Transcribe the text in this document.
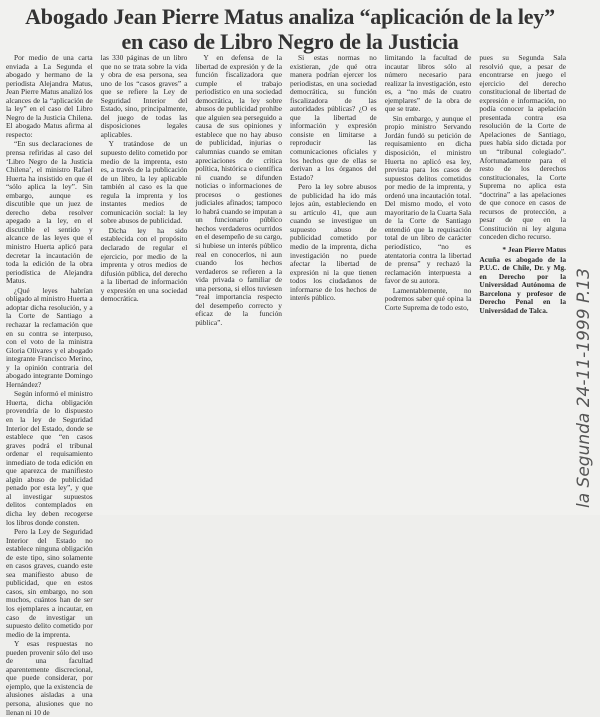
Abogado Jean Pierre Matus analiza “aplicación de la ley”
en caso de Libro Negro de la Justicia

Por medio de una carta enviada a La Segunda el abogado y hermano de la periodista Alejandra Matus, Jean Pierre Matus analizó los alcances de la “aplicación de la ley” en el caso del Libro Negro de la Justicia Chilena. El abogado Matus afirma al respecto:

“En sus declaraciones de prensa refiridas al caso del ‘Libro Negro de la Justicia Chilena’, el ministro Rafael Huerta ha insistido en que él “sólo aplica la ley”. Sin embargo, aunque es discutible que un juez de derecho deba resolver apegado a la ley, en el discutible el sentido y alcance de las leyes que el ministro Huerta aplicó para decretar la incautación de toda la edición de la obra periodística de Alejandra Matus.

¿Qué leyes habrían obligado al ministro Huerta a adoptar dicha resolución, y a la Corte de Santiago a rechazar la reclamación que en su contra se interpuso, con el voto de la ministra Gloria Olivares y el abogado integrante Francisco Merino, y la opinión contraria del abogado integrante Domingo Hernández?

Según informó el ministro Huerta, dicha obligación provendría de lo dispuesto en la ley de Seguridad Interior del Estado, donde se establece que “en casos graves podrá el tribunal ordenar el requisamiento inmediato de toda edición en que aparezca de manifiesto algún abuso de publicidad penado por esta ley”, y que al investigar supuestos delitos contemplados en dicha ley deben recogerse los libros donde consten.

Pero la Ley de Seguridad Interior del Estado no establece ninguna obligación de este tipo, sino solamente en casos graves, cuando este sea manifiesto abuso de publicidad, que en estos casos, sin embargo, no son muchos, cuántos han de ser los ejemplares a incautar, en caso de investigar un supuesto delito cometido por medio de la imprenta.

Y esas respuestas no pueden provenir sólo del uso de una facultad aparentemente discrecional, que puede considerar, por ejemplo, que la existencia de alusiones aisladas a una persona, alusiones que no llenan ni 10 de

las 330 páginas de un libro que no se trata sobre la vida y obra de esa persona, sea uno de los “casos graves” a que se refiere la Ley de Seguridad Interior del Estado, sino, principalmente, del juego de todas las disposiciones legales aplicables.

Y tratándose de un supuesto delito cometido por medio de la imprenta, esto es, a través de la publicación de un libro, la ley aplicable también al caso es la que regula la imprenta y los instantes medios de comunicación social: la ley sobre abusos de publicidad.

Dicha ley ha sido establecida con el propósito declarado de regular el ejercicio, por medio de la imprenta y otros medios de difusión pública, del derecho a la libertad de información y expresión en una sociedad democrática.

Y en defensa de la libertad de expresión y de la función fiscalizadora que cumple el trabajo periodístico en una sociedad democrática, la ley sobre abusos de publicidad prohíbe que alguien sea perseguido a causa de sus opiniones y establece que no hay abuso de publicidad, injurias o calumnias cuando se emitan apreciaciones de crítica política, histórica o científica ni cuando se difunden noticias o informaciones de procesos o gestiones judiciales afinados; tampoco lo habrá cuando se imputan a un funcionario público hechos verdaderos ocurridos en el desempeño de su cargo, si hubiese un interés público real en conocerlos, ni aun cuando los hechos verdaderos se refieren a la vida privada o familiar de una persona, si ellos tuviesen “real importancia respecto del desempeño correcto y eficaz de la función pública”.

Si estas normas no existieran, ¿de qué otra manera podrían ejercer los periodistas, en una sociedad democrática, su función fiscalizadora de las autoridades públicas? ¿O es que la libertad de información y expresión consiste en limitarse a reproducir las comunicaciones oficiales y los hechos que de ellas se derivan a los órganos del Estado?

Pero la ley sobre abusos de publicidad ha ido más lejos aún, estableciendo en su artículo 41, que aun cuando se investigue un supuesto abuso de publicidad cometido por medio de la imprenta, dicha investigación no puede afectar la libertad de expresión ni la que tienen todos los ciudadanos de informarse de los hechos de interés público.

limitando la facultad de incautar libros sólo al número necesario para realizar la investigación, esto es, a “no más de cuatro ejemplares” de la obra de que se trate.

Sin embargo, y aunque el propio ministro Servando Jordán fundó su petición de requisamiento en dicha disposición, el ministro Huerta no aplicó esa ley, prevista para los casos de supuestos delitos cometidos por medio de la imprenta, y ordenó una incautación total. Del mismo modo, el voto mayoritario de la Cuarta Sala de la Corte de Santiago entendió que la requisación total de un libro de carácter periodístico, “no es atentatoria contra la libertad de prensa” y rechazó la reclamación interpuesta a favor de su autora.

Lamentablemente, no podremos saber qué opina la Corte Suprema de todo esto,

pues su Segunda Sala resolvió que, a pesar de encontrarse en juego el ejercicio del derecho constitucional de libertad de expresión e información, no podía conocer la apelación presentada contra esa resolución de la Corte de Apelaciones de Santiago, pues había sido dictada por un “tribunal colegiado”. Afortunadamente para el resto de los derechos constitucionales, la Corte Suprema no aplica esta “doctrina” a las apelaciones de que conoce en casos de recursos de protección, a pesar de que en la Constitución ni ley alguna conceden dicho recurso.

* Jean Pierre Matus

Acuña es abogado de la P.U.C. de Chile, Dr. y Mg. en Derecho por la Universidad Autónoma de Barcelona y profesor de Derecho Penal en la Universidad de Talca.	la Segunda 24-11-1999 P.13
